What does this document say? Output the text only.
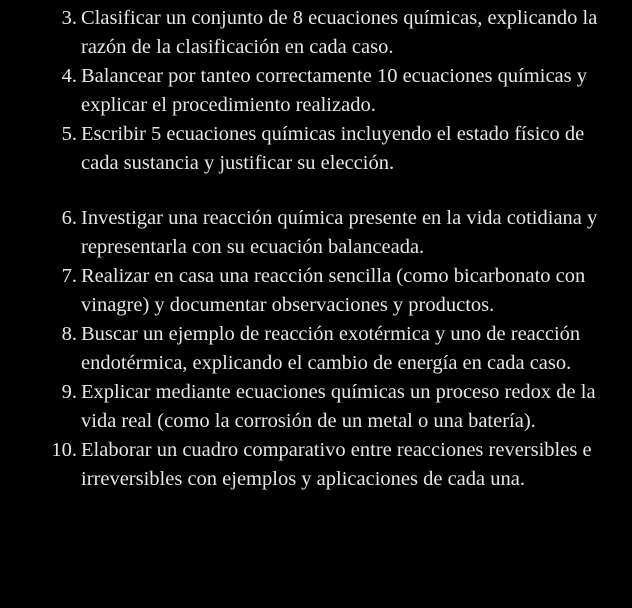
3. Clasificar un conjunto de 8 ecuaciones químicas, explicando la razón de la clasificación en cada caso.
4. Balancear por tanteo correctamente 10 ecuaciones químicas y explicar el procedimiento realizado.
5. Escribir 5 ecuaciones químicas incluyendo el estado físico de cada sustancia y justificar su elección.
6. Investigar una reacción química presente en la vida cotidiana y representarla con su ecuación balanceada.
7. Realizar en casa una reacción sencilla (como bicarbonato con vinagre) y documentar observaciones y productos.
8. Buscar un ejemplo de reacción exotérmica y uno de reacción endotérmica, explicando el cambio de energía en cada caso.
9. Explicar mediante ecuaciones químicas un proceso redox de la vida real (como la corrosión de un metal o una batería).
10. Elaborar un cuadro comparativo entre reacciones reversibles e irreversibles con ejemplos y aplicaciones de cada una.
